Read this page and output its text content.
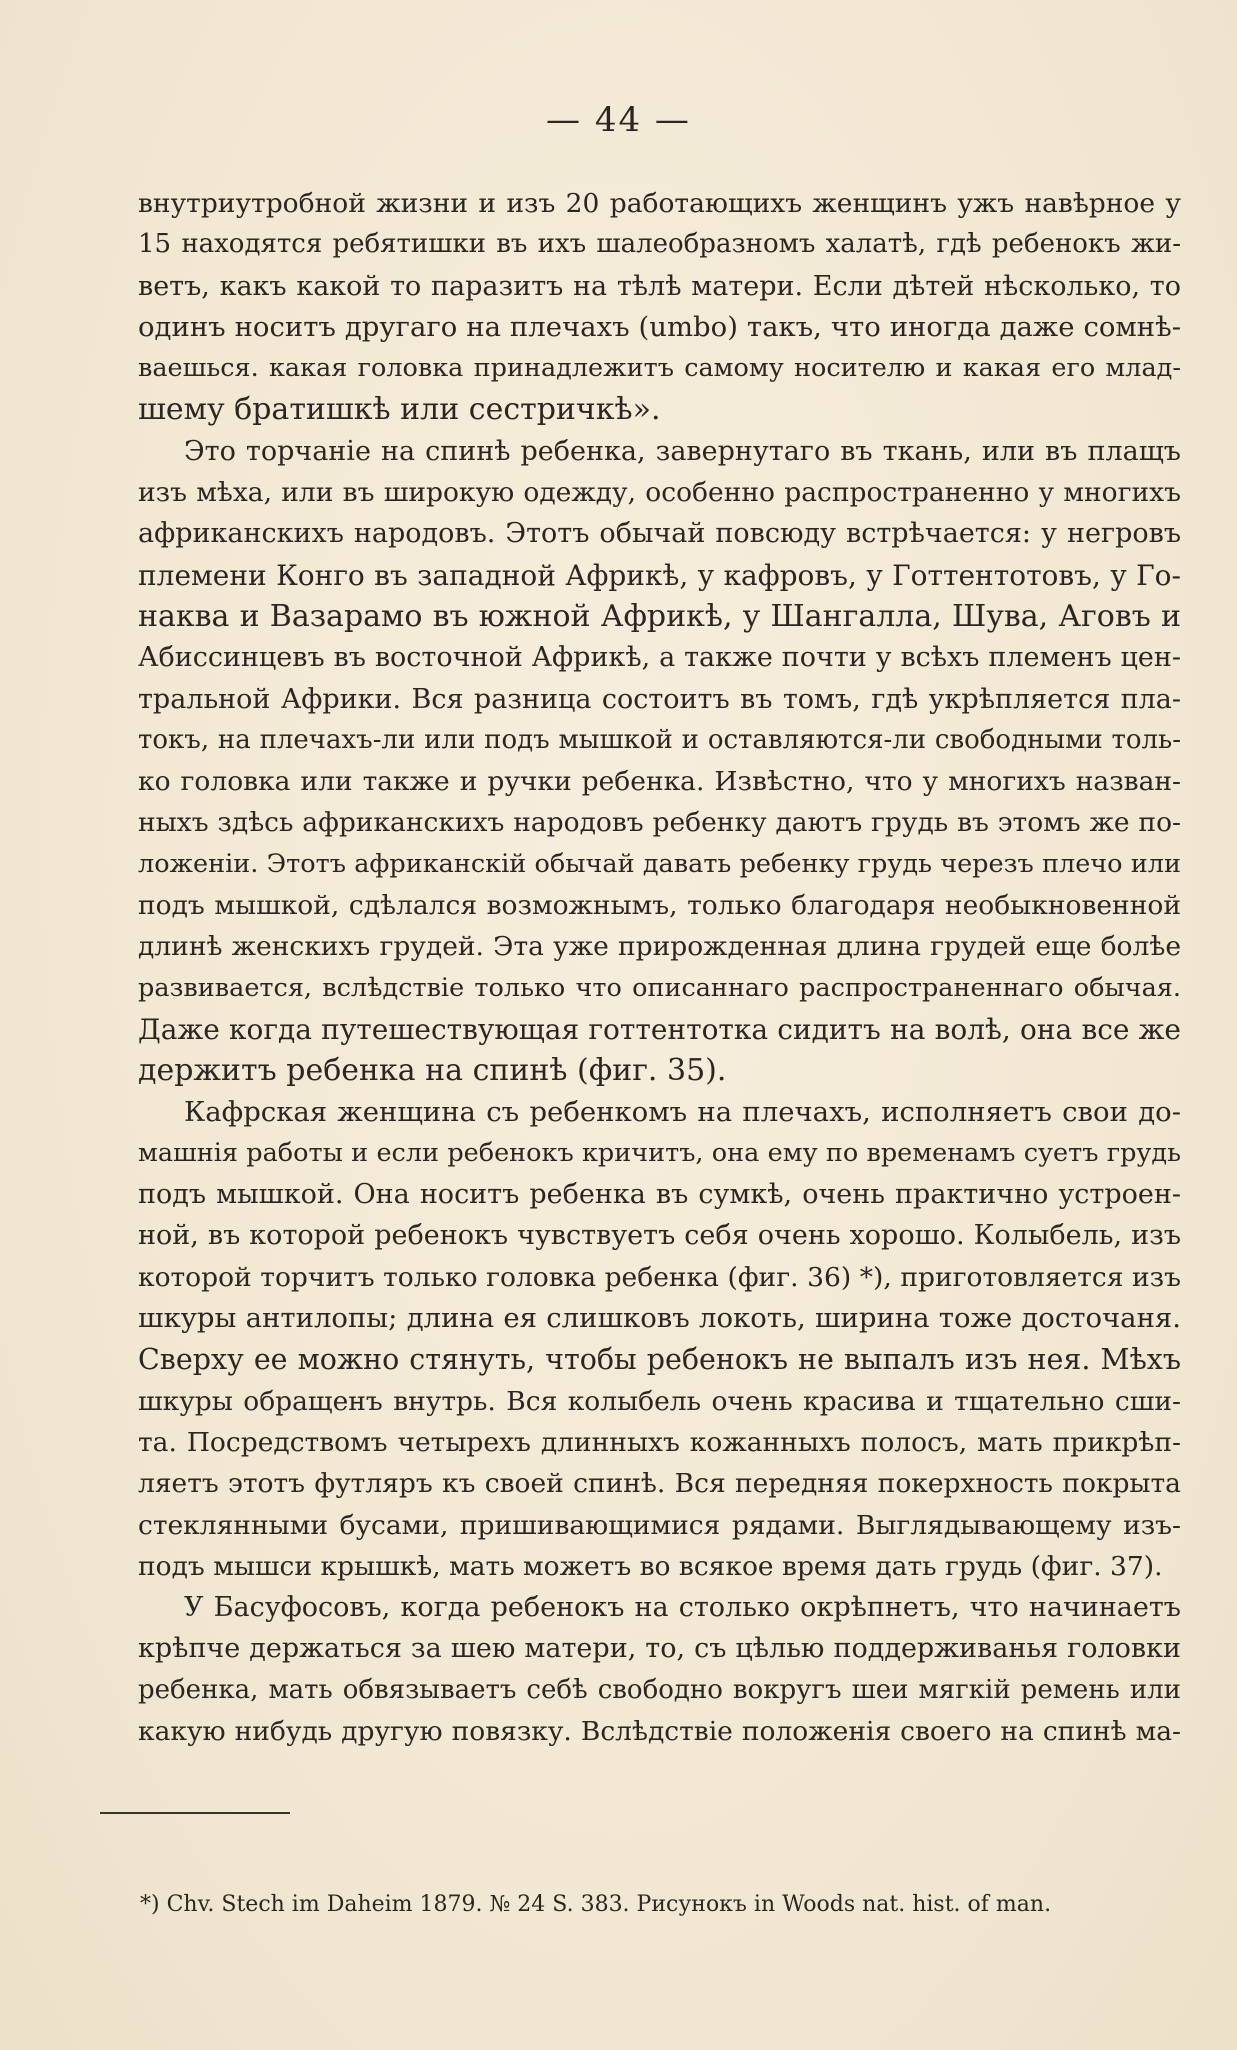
— 44 —
внутриутробной жизни и изъ 20 работающихъ женщинъ ужъ навѣрное у
15 находятся ребятишки въ ихъ шалеобразномъ халатѣ, гдѣ ребенокъ жи-
ветъ, какъ какой то паразитъ на тѣлѣ матери. Если дѣтей нѣсколько, то
одинъ носитъ другаго на плечахъ (umbo) такъ, что иногда даже сомнѣ-
ваешься. какая головка принадлежитъ самому носителю и какая его млад-
шему братишкѣ или сестричкѣ».
Это торчаніе на спинѣ ребенка, завернутаго въ ткань, или въ плащъ
изъ мѣха, или въ широкую одежду, особенно распространенно у многихъ
африканскихъ народовъ. Этотъ обычай повсюду встрѣчается: у негровъ
племени Конго въ западной Африкѣ, у кафровъ, у Готтентотовъ, у Го-
наква и Вазарамо въ южной Африкѣ, у Шангалла, Шува, Аговъ и
Абиссинцевъ въ восточной Африкѣ, а также почти у всѣхъ племенъ цен-
тральной Африки. Вся разница состоитъ въ томъ, гдѣ укрѣпляется пла-
токъ, на плечахъ-ли или подъ мышкой и оставляются-ли свободными толь-
ко головка или также и ручки ребенка. Извѣстно, что у многихъ назван-
ныхъ здѣсь африканскихъ народовъ ребенку даютъ грудь въ этомъ же по-
ложеніи. Этотъ африканскій обычай давать ребенку грудь черезъ плечо или
подъ мышкой, сдѣлался возможнымъ, только благодаря необыкновенной
длинѣ женскихъ грудей. Эта уже прирожденная длина грудей еще болѣе
развивается, вслѣдствіе только что описаннаго распространеннаго обычая.
Даже когда путешествующая готтентотка сидитъ на волѣ, она все же
держитъ ребенка на спинѣ (фиг. 35).
Кафрская женщина съ ребенкомъ на плечахъ, исполняетъ свои до-
машнія работы и если ребенокъ кричитъ, она ему по временамъ суетъ грудь
подъ мышкой. Она носитъ ребенка въ сумкѣ, очень практично устроен-
ной, въ которой ребенокъ чувствуетъ себя очень хорошо. Колыбель, изъ
которой торчитъ только головка ребенка (фиг. 36) *), приготовляется изъ
шкуры антилопы; длина ея слишковъ локоть, ширина тоже досточаня.
Сверху ее можно стянуть, чтобы ребенокъ не выпалъ изъ нея. Мѣхъ
шкуры обращенъ внутрь. Вся колыбель очень красива и тщательно сши-
та. Посредствомъ четырехъ длинныхъ кожанныхъ полосъ, мать прикрѣп-
ляетъ этотъ футляръ къ своей спинѣ. Вся передняя покерхность покрыта
стеклянными бусами, пришивающимися рядами. Выглядывающему изъ-
подъ мышси крышкѣ, мать можетъ во всякое время дать грудь (фиг. 37).
У Басуфосовъ, когда ребенокъ на столько окрѣпнетъ, что начинаетъ
крѣпче держаться за шею матери, то, съ цѣлью поддерживанья головки
ребенка, мать обвязываетъ себѣ свободно вокругъ шеи мягкій ремень или
какую нибудь другую повязку. Вслѣдствіе положенія своего на спинѣ ма-
*) Chv. Stech im Daheim 1879. № 24 S. 383. Рисунокъ in Woods nat. hist. of man.
